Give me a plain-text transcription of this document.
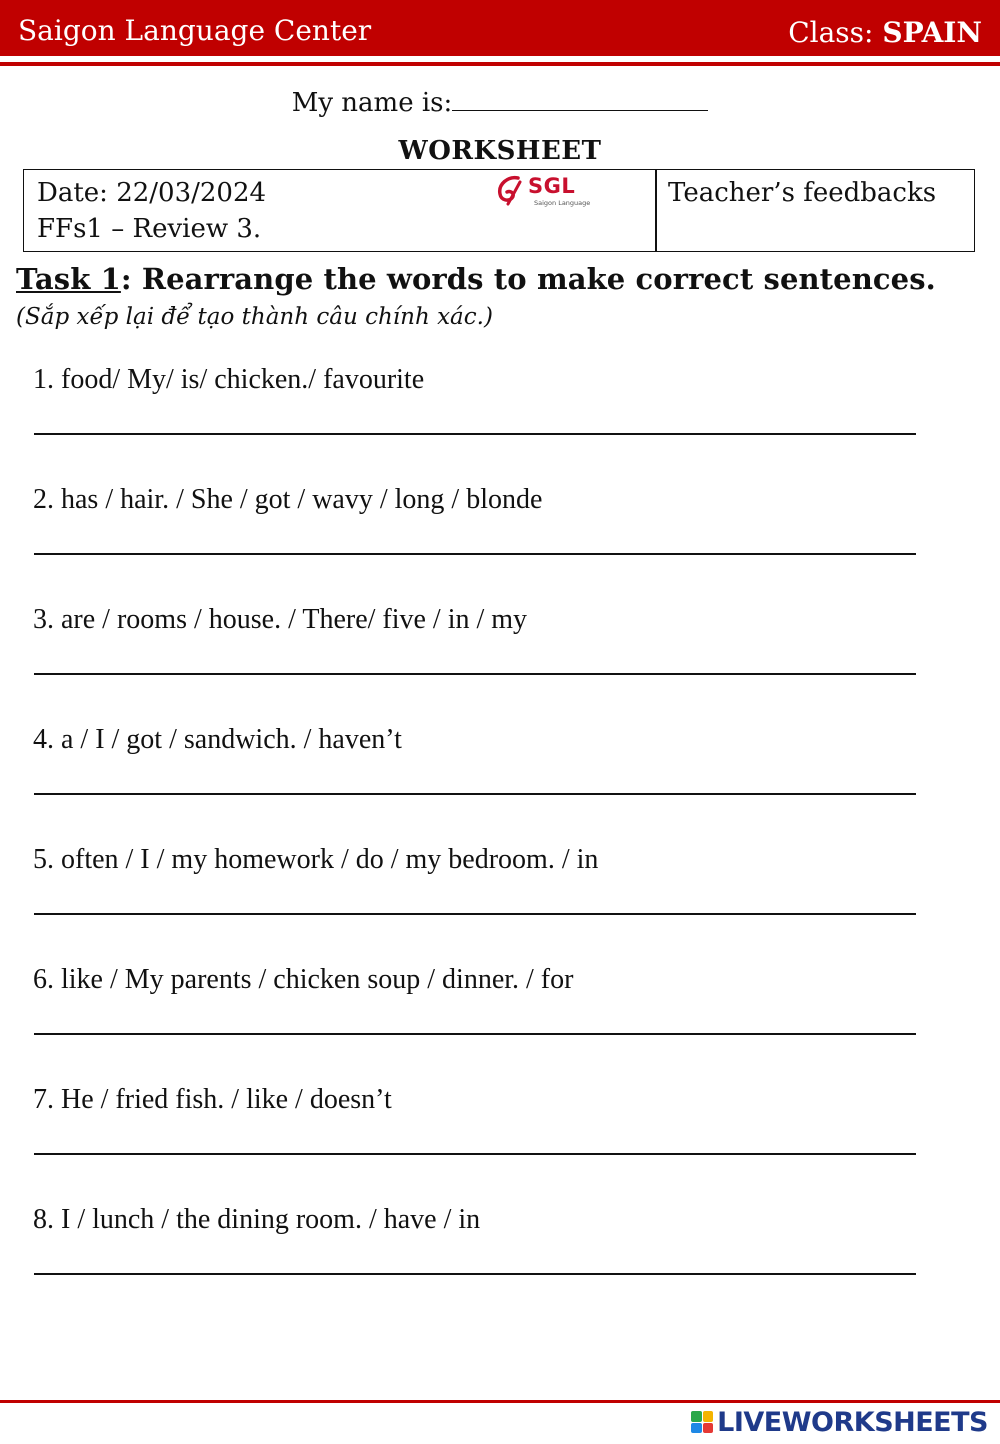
Saigon Language Center	Class: SPAIN
My name is:
WORKSHEET
Date: 22/03/2024
FFs1 – Review 3.
SGL
Saigon Language	Teacher’s feedbacks
Task 1: Rearrange the words to make correct sentences.
(Sắp xếp lại để tạo thành câu chính xác.)
1. food/ My/ is/ chicken./ favourite
2. has / hair. / She / got / wavy / long / blonde
3. are / rooms / house. / There/ five / in / my
4. a / I / got / sandwich. / haven’t
5. often / I / my homework / do / my bedroom. / in
6. like / My parents / chicken soup / dinner. / for
7. He / fried fish. / like / doesn’t
8. I / lunch / the dining room. / have / in
LIVEWORKSHEETS
